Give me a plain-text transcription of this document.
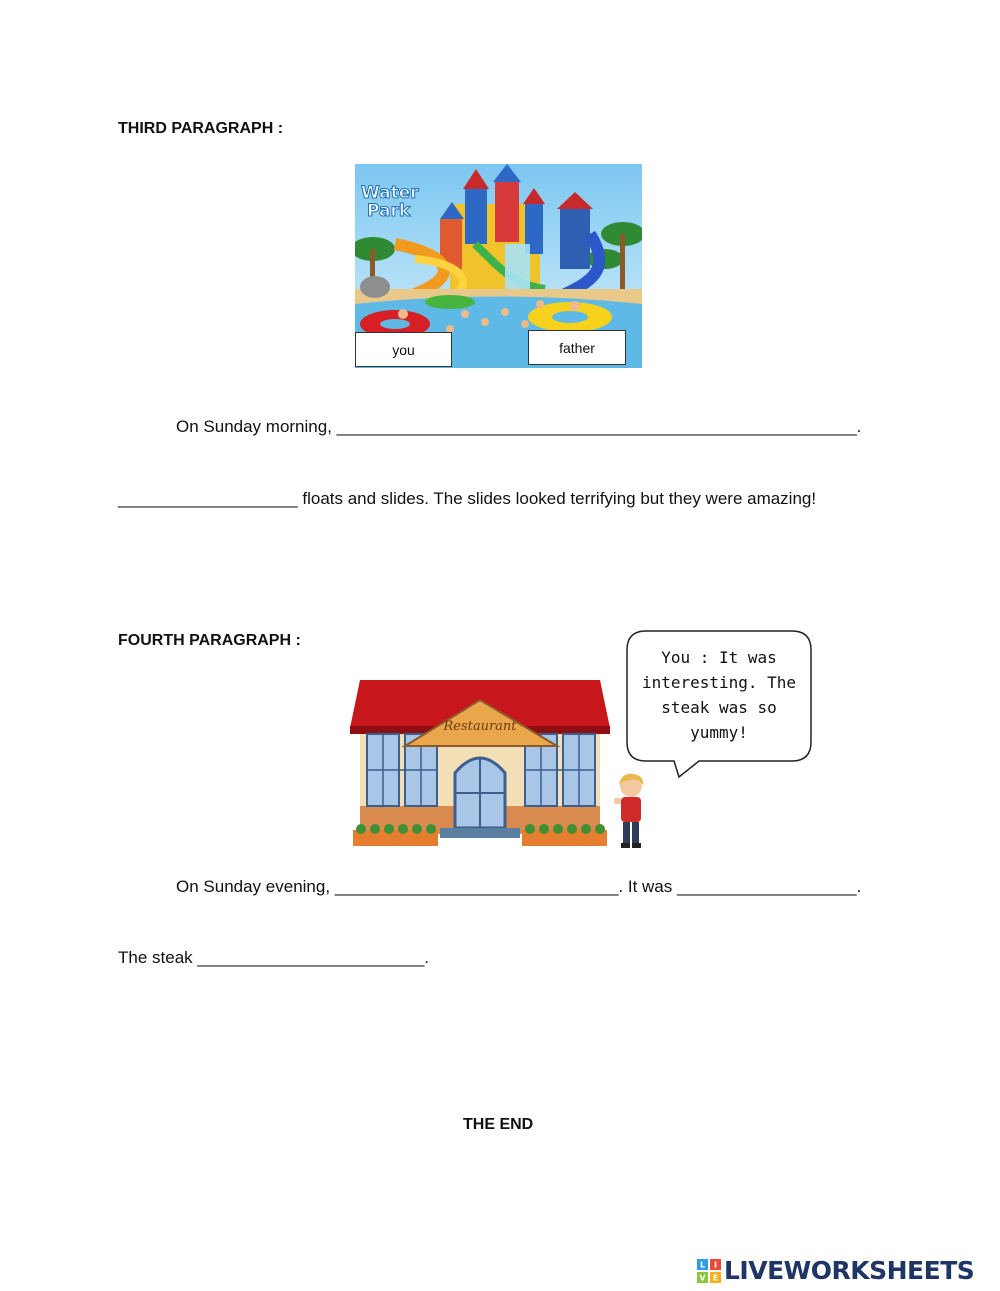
THIRD PARAGRAPH :
Water
Park
you	father
On Sunday morning, _______________________________________________________.
___________________ floats and slides. The slides looked terrifying but they were amazing!
FOURTH PARAGRAPH :
Restaurant
You : It was interesting. The steak was so yummy!
On Sunday evening, ______________________________. It was ___________________.
The steak ________________________.
THE END
L I
V E LIVEWORKSHEETS
